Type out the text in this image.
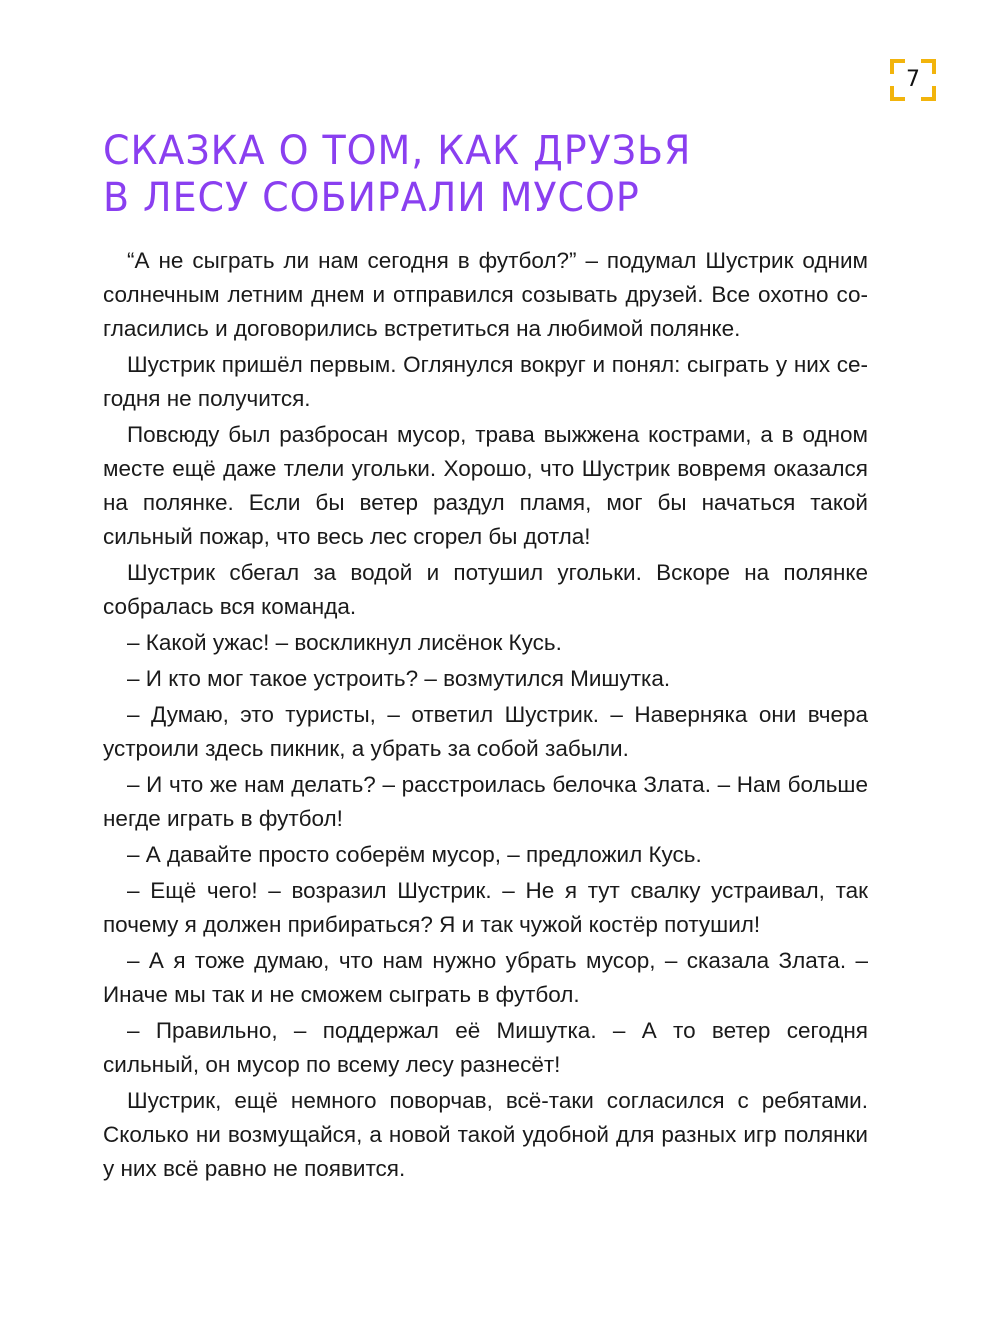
7
СКАЗКА О ТОМ, КАК ДРУЗЬЯ
В ЛЕСУ СОБИРАЛИ МУСОР

“А не сыграть ли нам сегодня в футбол?” – подумал Шустрик одним солнечным летним днем и отправился созывать друзей. Все охотно согласились и договорились встретиться на любимой полянке.

Шустрик пришёл первым. Оглянулся вокруг и понял: сыграть у них сегодня не получится.

Повсюду был разбросан мусор, трава выжжена кострами, а в одном месте ещё даже тлели угольки. Хорошо, что Шустрик вовремя оказался на полянке. Если бы ветер раздул пламя, мог бы начаться такой сильный пожар, что весь лес сгорел бы дотла!

Шустрик сбегал за водой и потушил угольки. Вскоре на полянке собралась вся команда.

– Какой ужас! – воскликнул лисёнок Кусь.

– И кто мог такое устроить? – возмутился Мишутка.

– Думаю, это туристы, – ответил Шустрик. – Наверняка они вчера устроили здесь пикник, а убрать за собой забыли.

– И что же нам делать? – расстроилась белочка Злата. – Нам больше негде играть в футбол!

– А давайте просто соберём мусор, – предложил Кусь.

– Ещё чего! – возразил Шустрик. – Не я тут свалку устраивал, так почему я должен прибираться? Я и так чужой костёр потушил!

– А я тоже думаю, что нам нужно убрать мусор, – сказала Злата. – Иначе мы так и не сможем сыграть в футбол.

– Правильно, – поддержал её Мишутка. – А то ветер сегодня сильный, он мусор по всему лесу разнесёт!

Шустрик, ещё немного поворчав, всё-таки согласился с ребятами. Сколько ни возмущайся, а новой такой удобной для разных игр полянки у них всё равно не появится.
